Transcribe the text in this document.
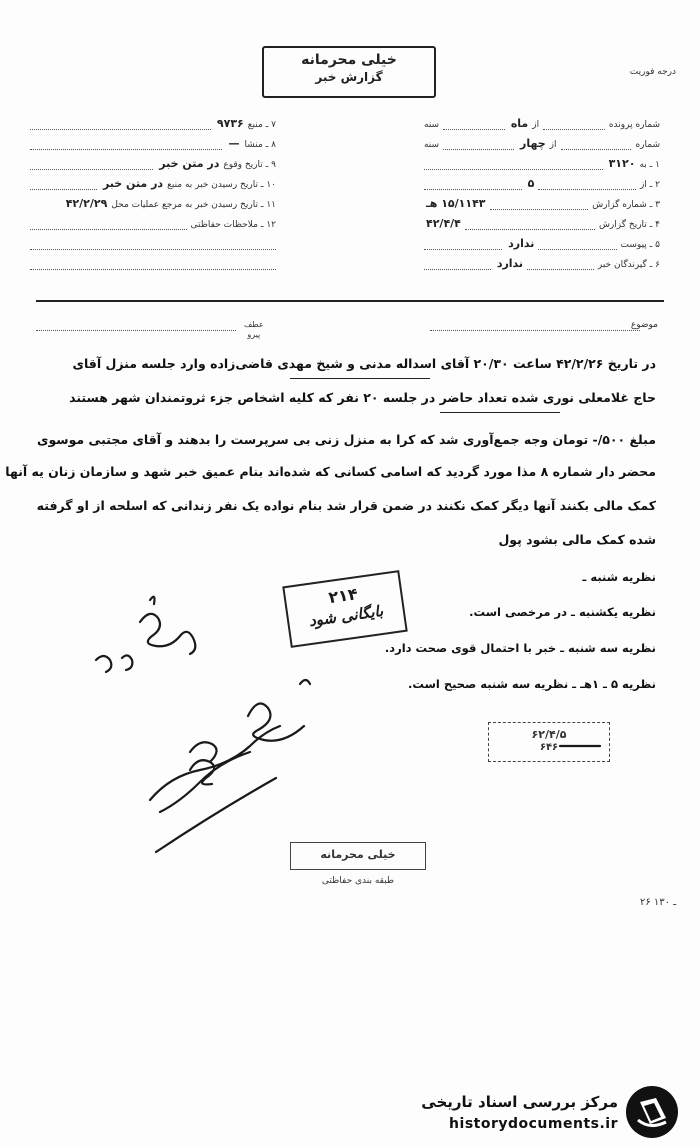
خیلی محرمانه
گزارش خبر	درجه فوریت
شماره پرونده
از
ماه
سنه
شماره
از
چهار
سنه
۱ ـ به
۳۱۲۰
۲ ـ از
۵
۳ ـ شماره گزارش
۱۵/۱۱۴۳ هـ
۴ ـ تاریخ گزارش
۴۲/۴/۴
۵ ـ پیوست
ندارد
۶ ـ گیرندگان خبر
ندارد
۷ ـ منبع
۹۷۳۶
۸ ـ منشا
—
۹ ـ تاریخ وقوع
در متن خبر
۱۰ ـ تاریخ رسیدن خبر به منبع
در متن خبر
۱۱ ـ تاریخ رسیدن خبر به مرجع عملیات محل
۴۲/۲/۲۹
۱۲ ـ ملاحظات حفاظتی
موضوع
عطف
پیرو
در تاریخ ۴۲/۲/۲۶ ساعت ۲۰/۳۰ آقای اسداله مدنی و شیخ مهدی قاضی‌زاده وارد جلسه منزل آقای
حاج غلامعلی نوری شده تعداد حاضر در جلسه ۲۰ نفر که کلیه اشخاص جزء ثروتمندان شهر هستند
مبلغ ۵۰۰/- تومان وجه جمع‌آوری شد که کرا به منزل زنی بی سرپرست را بدهند و آقای مجتبی موسوی
محضر دار شماره ۸ مذا مورد گردید که اسامی کسانی که شده‌اند بنام عمیق خبر شهد و سازمان زنان یه آنها
کمک مالی بکنند آنها دیگر کمک نکنند در ضمن قرار شد بنام نواده یک نفر زندانی که اسلحه از او گرفته
شده کمک مالی بشود پول
نظریه شنبه ـ
نظریه یکشنبه ـ در مرخصی است.
نظریه سه شنبه ـ خبر با احتمال قوی صحت دارد.
نظریه ۵ ـ ۱هـ ـ نظریه سه شنبه صحیح است.
۲۱۴
بایگانی شود
۶۲/۴/۵
۶۴۶
خیلی محرمانه
طبقه بندی حفاظتی
۲۶ ـ ۱۳۰
مرکز بررسی اسناد تاریخی
historydocuments.ir
